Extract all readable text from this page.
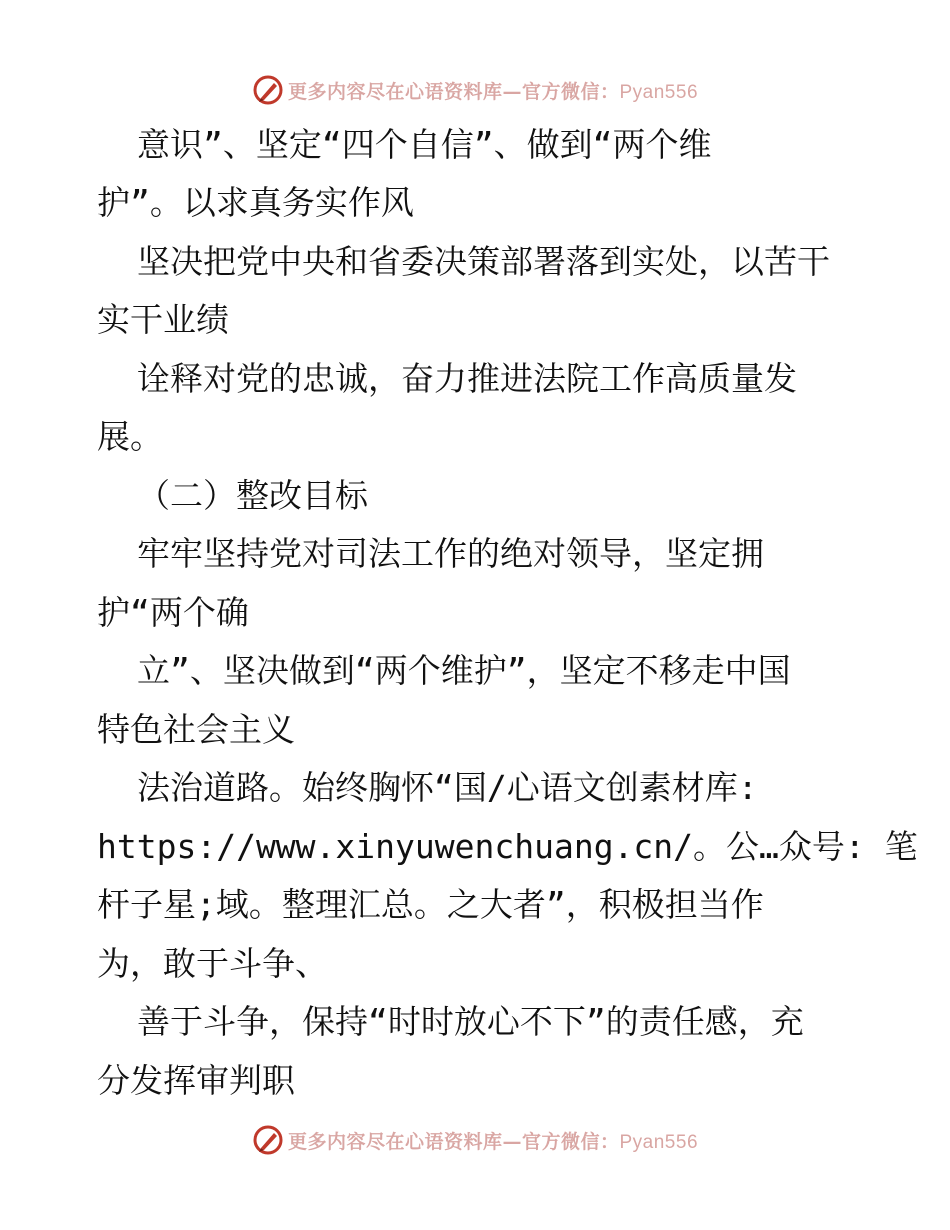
更多内容尽在心语资料库—官方微信：Pyan556
意识”、坚定“四个自信”、做到“两个维
护”。以求真务实作风
坚决把党中央和省委决策部署落到实处，以苦干
实干业绩
诠释对党的忠诚，奋力推进法院工作高质量发
展。
（二）整改目标
牢牢坚持党对司法工作的绝对领导，坚定拥
护“两个确
立”、坚决做到“两个维护”，坚定不移走中国
特色社会主义
法治道路。始终胸怀“国/心语文创素材库:
https://www.xinyuwenchuang.cn/。公…众号: 笔
杆子星;域。整理汇总。之大者”，积极担当作
为，敢于斗争、
善于斗争，保持“时时放心不下”的责任感，充
分发挥审判职
更多内容尽在心语资料库—官方微信：Pyan556
